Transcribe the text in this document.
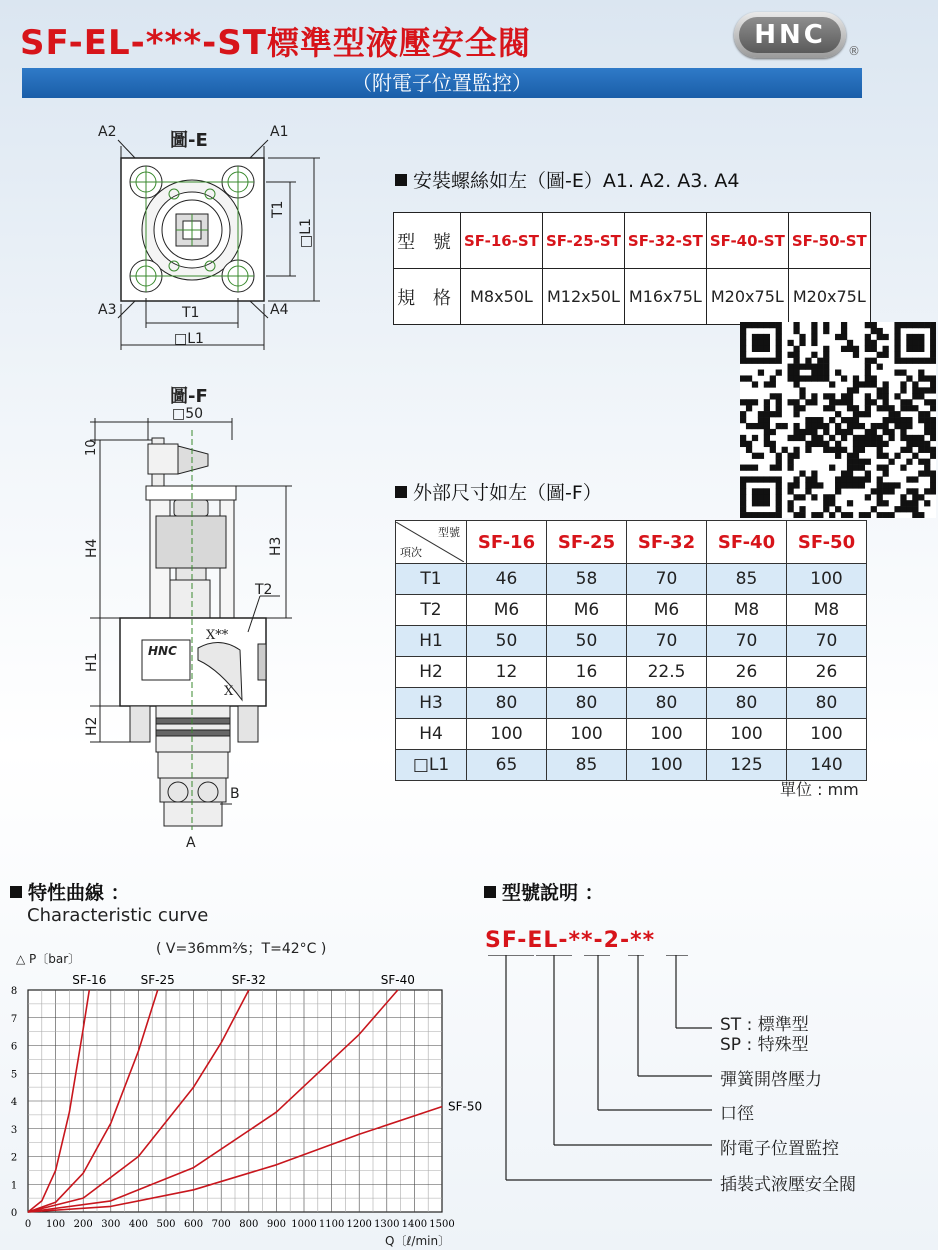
SF-EL-***-ST標準型液壓安全閥	HNC
®
（附電子位置監控）
圖-E
A2	A1
A3	A4
T1
□L1
T1
□L1
圖-F
□50
10
H4	H3
H1
H2
T2
X**
X
HNC
B
A
安裝螺絲如左（圖-E）A1. A2. A3. A4
型 號	SF-16-ST	SF-25-ST	SF-32-ST	SF-40-ST	SF-50-ST
規 格	M8x50L	M12x50L	M16x75L	M20x75L	M20x75L
外部尺寸如左（圖-F）
型號
項次	SF-16	SF-25	SF-32	SF-40	SF-50
T1	46	58	70	85	100
T2	M6	M6	M6	M8	M8
H1	50	50	70	70	70
H2	12	16	22.5	26	26
H3	80	80	80	80	80
H4	100	100	100	100	100
□L1	65	85	100	125	140
單位 : mm
特性曲線 ：
Characteristic curve
( V=36mm²⁄s；T=42°C )
△ P〔bar〕
Q〔ℓ/min〕
0 100 200 300 400 500 600 700 800 900 1000 1100 1200 1300 1400 1500
0
1
2
3
4
5
6
7
8
SF-16	SF-25	SF-32	SF-40
SF-50
型號說明 ：
SF-EL-**-2-**
ST : 標準型
SP : 特殊型
彈簧開啓壓力
口徑
附電子位置監控
插裝式液壓安全閥
